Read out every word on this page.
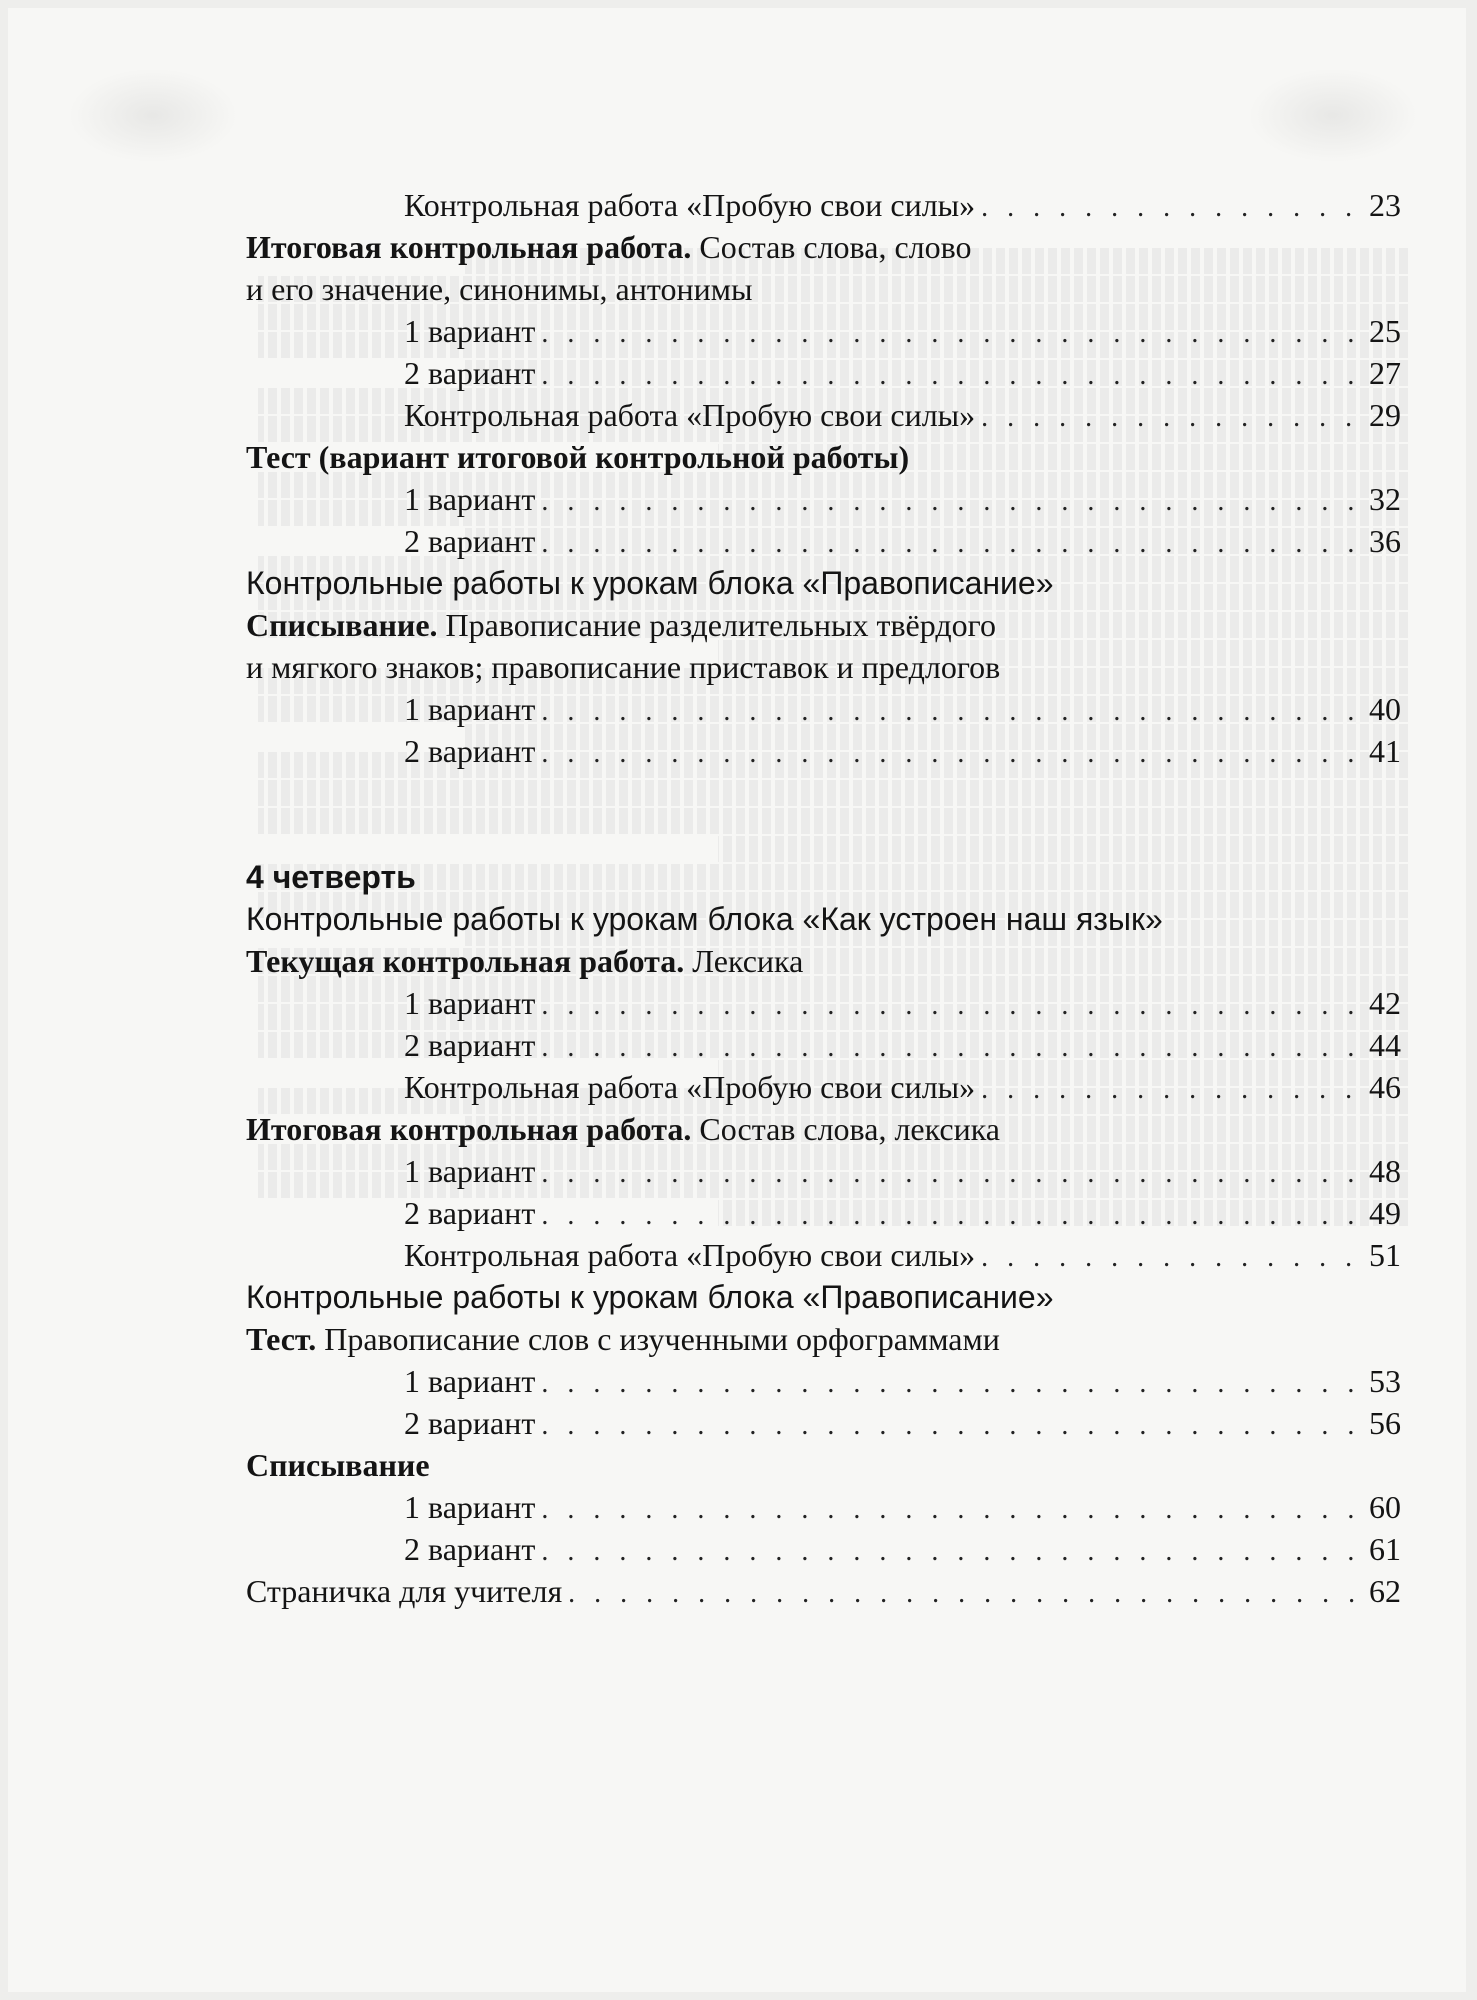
Контрольная работа «Пробую свои силы» . . .	23
Итоговая контрольная работа. Состав слова, слово
и его значение, синонимы, антонимы
1 вариант . . .	25
2 вариант . . .	27
Контрольная работа «Пробую свои силы» . . .	29
Тест (вариант итоговой контрольной работы)
1 вариант . . .	32
2 вариант . . .	36
Контрольные работы к урокам блока «Правописание»
Списывание. Правописание разделительных твёрдого
и мягкого знаков; правописание приставок и предлогов
1 вариант . . .	40
2 вариант . . .	41
4 четверть
Контрольные работы к урокам блока «Как устроен наш язык»
Текущая контрольная работа. Лексика
1 вариант . . .	42
2 вариант . . .	44
Контрольная работа «Пробую свои силы» . . .	46
Итоговая контрольная работа. Состав слова, лексика
1 вариант . . .	48
2 вариант . . .	49
Контрольная работа «Пробую свои силы» . . .	51
Контрольные работы к урокам блока «Правописание»
Тест. Правописание слов с изученными орфограммами
1 вариант . . .	53
2 вариант . . .	56
Списывание
1 вариант . . .	60
2 вариант . . .	61
Страничка для учителя . . .	62
